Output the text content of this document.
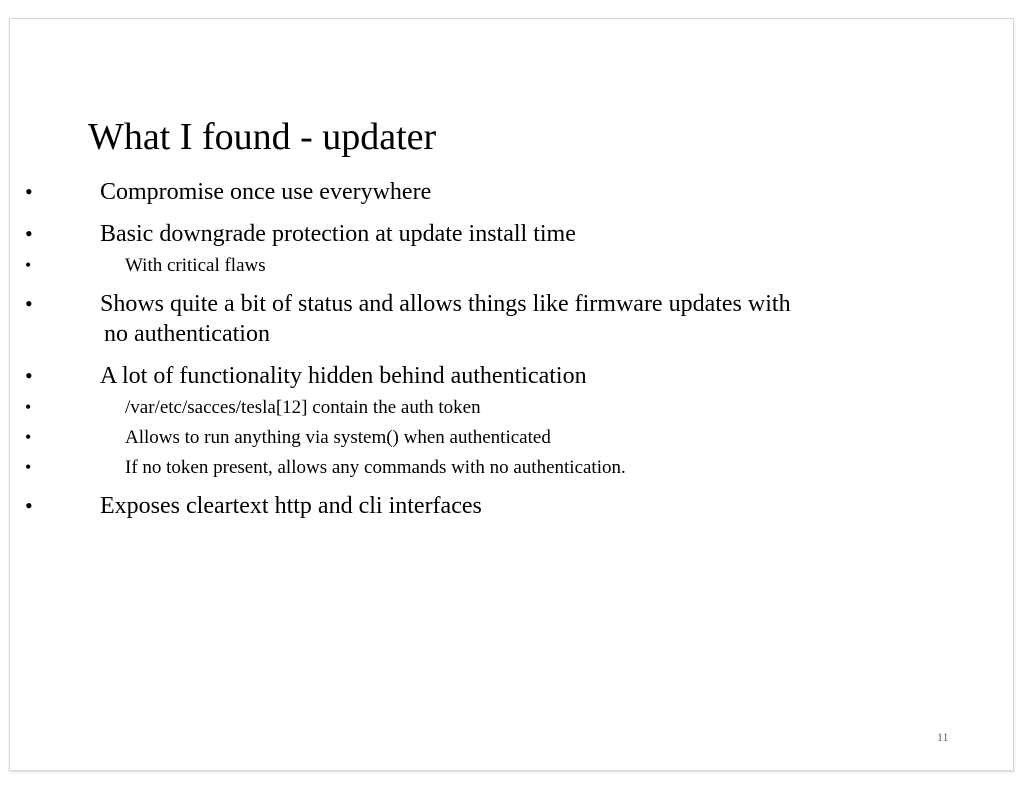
What I found - updater
•	Compromise once use everywhere
•	Basic downgrade protection at update install time
•	With critical flaws
•	Shows quite a bit of status and allows things like firmware updates with
no authentication
•	A lot of functionality hidden behind authentication
•	/var/etc/sacces/tesla[12] contain the auth token
•	Allows to run anything via system() when authenticated
•	If no token present, allows any commands with no authentication.
•	Exposes cleartext http and cli interfaces
11
